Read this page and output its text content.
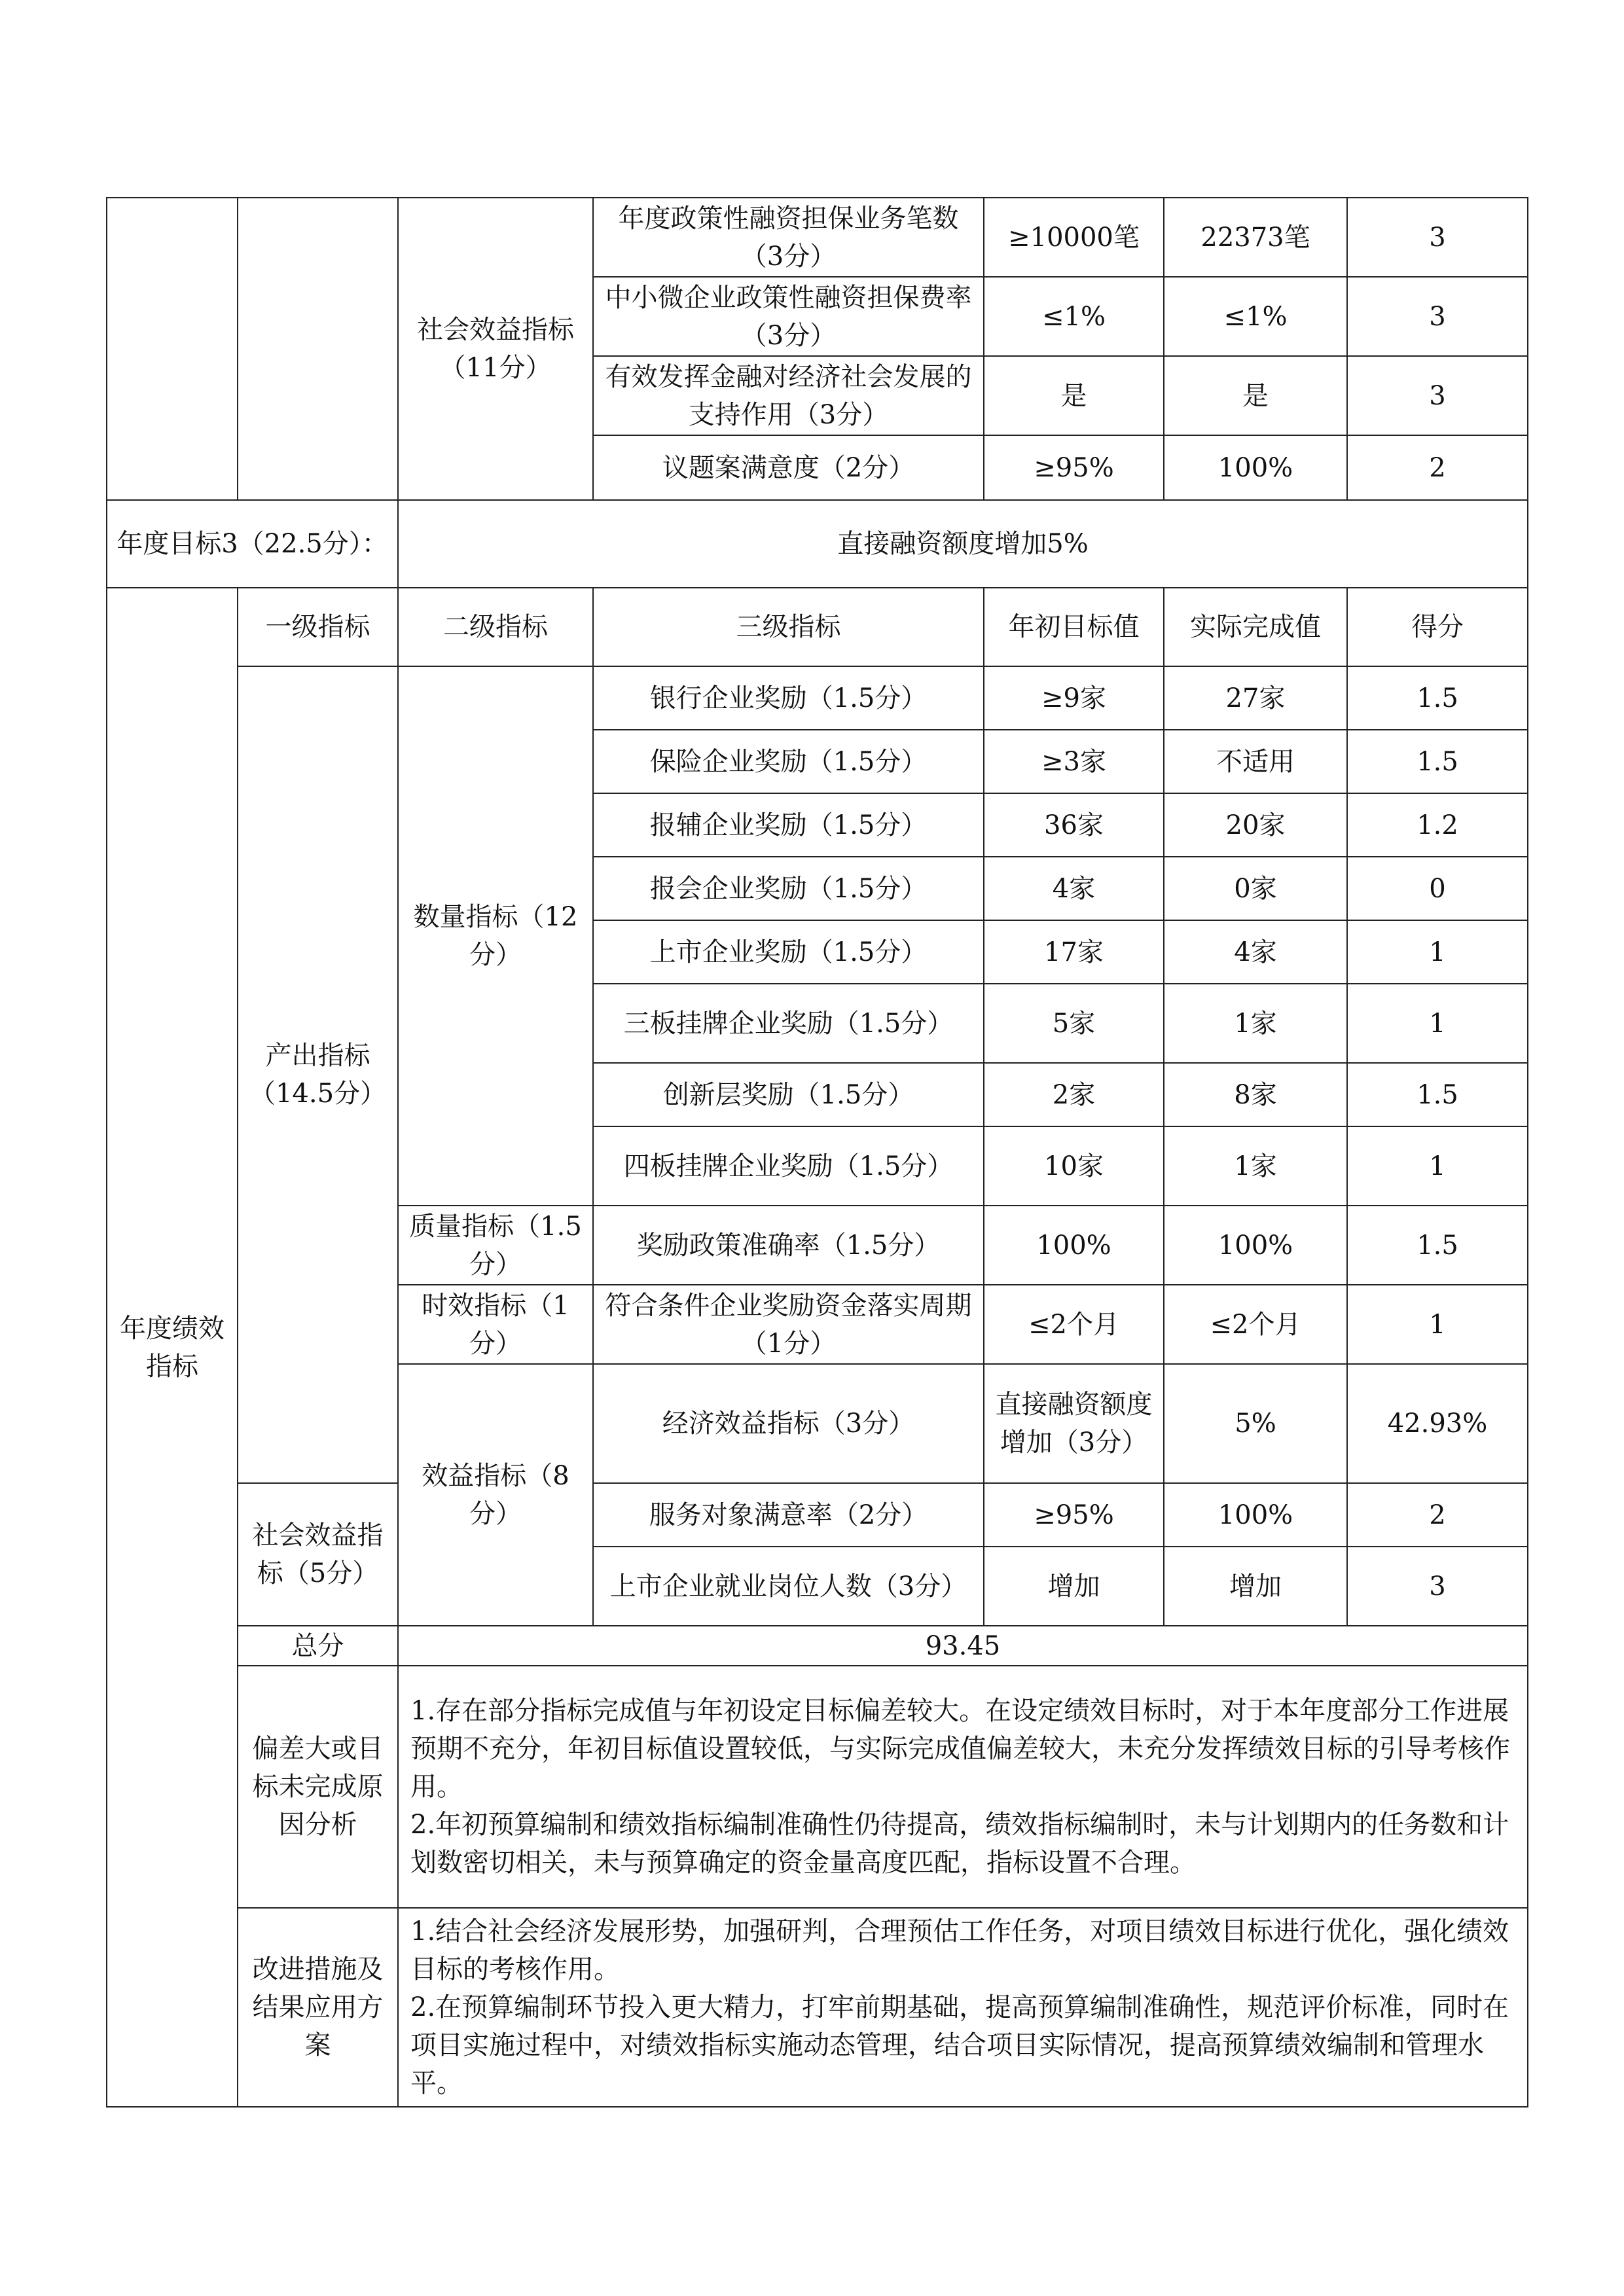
		社会效益指标（11分）	年度政策性融资担保业务笔数（3分）	≥10000笔	22373笔	3	
			中小微企业政策性融资担保费率（3分）	≤1%	≤1%	3	
			有效发挥金融对经济社会发展的支持作用（3分）	是	是	3	
			议题案满意度（2分）	≥95%	100%	2	
年度目标3（22.5分）：		直接融资额度增加5%					
年度绩效指标	一级指标	二级指标	三级指标	年初目标值	实际完成值	得分	
	产出指标（14.5分）	数量指标（12分）	银行企业奖励（1.5分）	≥9家	27家	1.5	
			保险企业奖励（1.5分）	≥3家	不适用	1.5	
			报辅企业奖励（1.5分）	36家	20家	1.2	
			报会企业奖励（1.5分）	4家	0家	0	
			上市企业奖励（1.5分）	17家	4家	1	
			三板挂牌企业奖励（1.5分）	5家	1家	1	
			创新层奖励（1.5分）	2家	8家	1.5	
			四板挂牌企业奖励（1.5分）	10家	1家	1	
		质量指标（1.5分）	奖励政策准确率（1.5分）	100%	100%	1.5	
		时效指标（1分）	符合条件企业奖励资金落实周期（1分）	≤2个月	≤2个月	1	
		效益指标（8分）	经济效益指标（3分）	直接融资额度增加（3分）	5%	42.93%	
	社会效益指标（5分）		服务对象满意率（2分）	≥95%	100%	2	
			上市企业就业岗位人数（3分）	增加	增加	3	
	总分	93.45					
	偏差大或目标未完成原因分析	1.存在部分指标完成值与年初设定目标偏差较大。在设定绩效目标时，对于本年度部分工作进展预期不充分，年初目标值设置较低，与实际完成值偏差较大，未充分发挥绩效目标的引导考核作用。

2.年初预算编制和绩效指标编制准确性仍待提高，绩效指标编制时，未与计划期内的任务数和计划数密切相关，未与预算确定的资金量高度匹配，指标设置不合理。					

	改进措施及结果应用方案	1.结合社会经济发展形势，加强研判，合理预估工作任务，对项目绩效目标进行优化，强化绩效目标的考核作用。

2.在预算编制环节投入更大精力，打牢前期基础，提高预算编制准确性，规范评价标准，同时在项目实施过程中，对绩效指标实施动态管理，结合项目实际情况，提高预算绩效编制和管理水平。					
